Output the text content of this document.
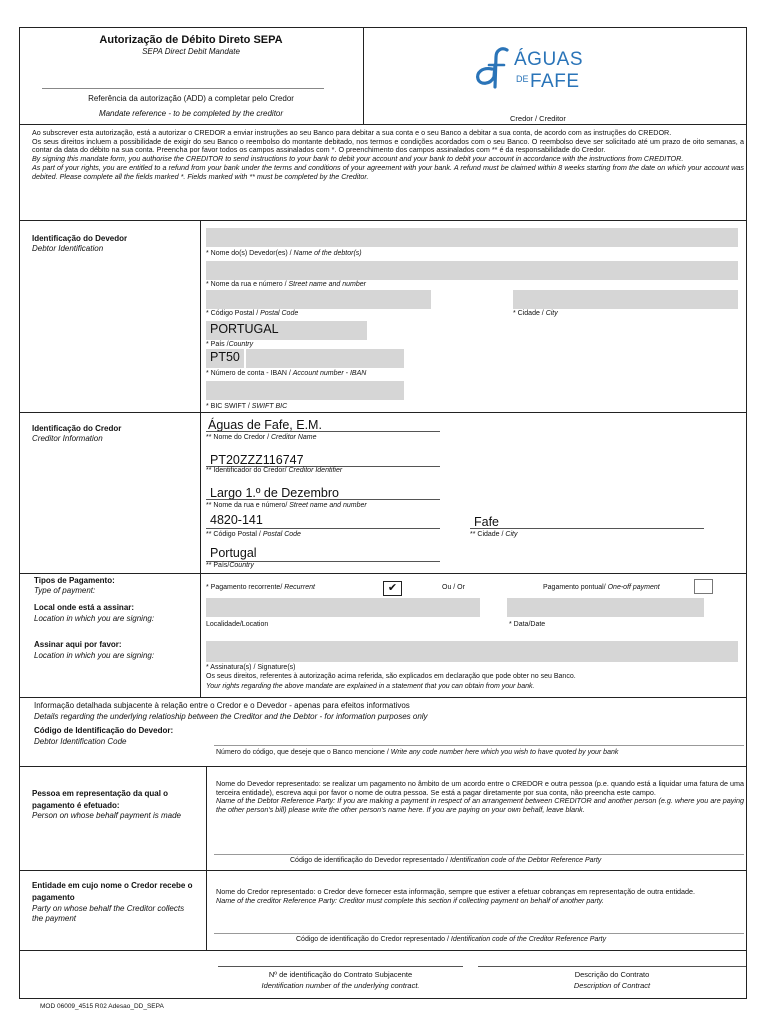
Autorização de Débito Direto SEPA
SEPA Direct Debit Mandate
Referência da autorização (ADD) a completar pelo Credor
Mandate reference - to be completed by the creditor
ÁGUAS
DE FAFE
Credor / Creditor
Ao subscrever esta autorização, está a autorizar o CREDOR a enviar instruções ao seu Banco para debitar a sua conta e o seu Banco a debitar a sua conta, de acordo com as instruções do CREDOR.
Os seus direitos incluem a possibilidade de exigir do seu Banco o reembolso do montante debitado, nos termos e condições acordados com o seu Banco. O reembolso deve ser solicitado até um prazo de oito semanas, a contar da data do débito na sua conta. Preencha por favor todos os campos assinalados com *. O preenchimento dos campos assinalados com ** é da responsabilidade do Credor.
By signing this mandate form, you authorise the CREDITOR to send instructions to your bank to debit your account and your bank to debit your account in accordance with the instructions from CREDITOR.
As part of your rights, you are entitled to a refund from your bank under the terms and conditions of your agreement with your bank. A refund must be claimed within 8 weeks starting from the date on which your account was debited. Please complete all the fields marked *. Fields marked with ** must be completed by the Creditor.
Identificação do Devedor
Debtor Identification
* Nome do(s) Devedor(es) / Name of the debtor(s)
* Nome da rua e número / Street name and number
* Código Postal / Postal Code	* Cidade / City
PORTUGAL
* País /Country
PT50
* Número de conta - IBAN / Account number - IBAN
* BIC SWIFT / SWIFT BIC
Identificação do Credor
Creditor Information
Águas de Fafe, E.M.
** Nome do Credor / Creditor Name
PT20ZZZ116747
** Identificador do Credor/ Creditor Identifier
Largo 1.º de Dezembro
** Nome da rua e número/ Street name and number
4820-141
** Código Postal / Postal Code
Fafe
** Cidade / City
Portugal
** País/Country
Tipos de Pagamento:
Type of payment:	* Pagamento recorrente/ Recurrent	✔	Ou / Or	Pagamento pontual/ One-off payment
Local onde está a assinar:
Location in which you are signing:
Localidade/Location	* Data/Date
Assinar aqui por favor:
Location in which you are signing:
* Assinatura(s) / Signature(s)
Os seus direitos, referentes à autorização acima referida, são explicados em declaração que pode obter no seu Banco.
Your rights regarding the above mandate are explained in a statement that you can obtain from your bank.
Informação detalhada subjacente à relação entre o Credor e o Devedor - apenas para efeitos informativos
Details regarding the underlying relatioship between the Creditor and the Debtor - for information purposes only
Código de Identificação do Devedor:
Debtor Identification Code
Número do código, que deseje que o Banco mencione / Write any code number here which you wish to have quoted by your bank
Pessoa em representação da qual o pagamento é efetuado:
Person on whose behalf payment is made
Nome do Devedor representado: se realizar um pagamento no âmbito de um acordo entre o CREDOR e outra pessoa (p.e. quando está a liquidar uma fatura de uma terceira entidade), escreva aqui por favor o nome de outra pessoa. Se está a pagar diretamente por sua conta, não preencha este campo.
Name of the Debtor Reference Party: If you are making a payment in respect of an arrangement between CREDITOR and another person (e.g. where you are paying the other person's bill) please write the other person's name here. If you are paying on your own behalf, leave blank.
Código de identificação do Devedor representado / Identification code of the Debtor Reference Party
Entidade em cujo nome o Credor recebe o pagamento
Party on whose behalf the Creditor collects the payment
Nome do Credor representado: o Credor deve fornecer esta informação, sempre que estiver a efetuar cobranças em representação de outra entidade.
Name of the creditor Reference Party: Creditor must complete this section if collecting payment on behalf of another party.
Código de identificação do Credor representado / Identification code of the Creditor Reference Party
Nº de identificação do Contrato Subjacente
Identification number of the underlying contract.
Descrição do Contrato
Description of Contract
MOD 06009_4515 R02 Adesao_DD_SEPA
